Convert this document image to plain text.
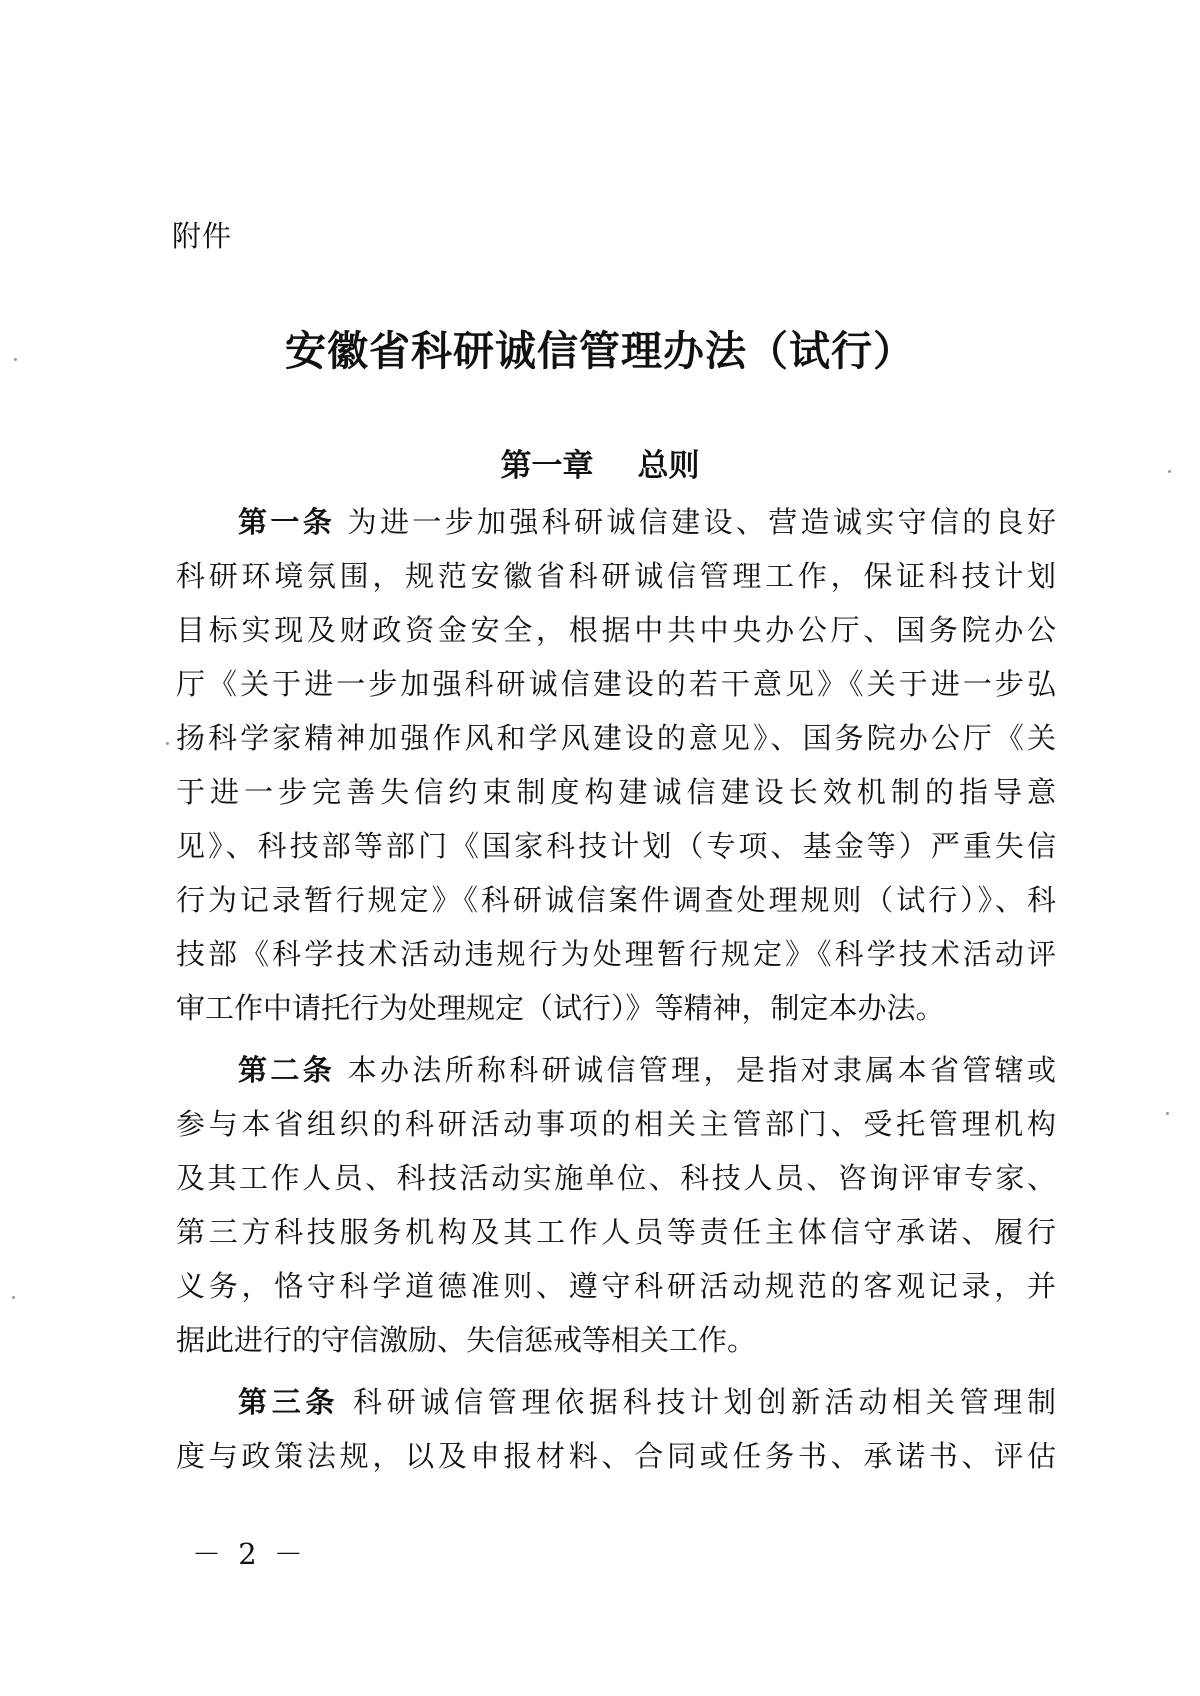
附件
安徽省科研诚信管理办法（试行）
第一章 总则
第一条 为进一步加强科研诚信建设、营造诚实守信的良好
科研环境氛围，规范安徽省科研诚信管理工作，保证科技计划
目标实现及财政资金安全，根据中共中央办公厅、国务院办公
厅《关于进一步加强科研诚信建设的若干意见》《关于进一步弘
扬科学家精神加强作风和学风建设的意见》、国务院办公厅《关
于进一步完善失信约束制度构建诚信建设长效机制的指导意
见》、科技部等部门《国家科技计划（专项、基金等）严重失信
行为记录暂行规定》《科研诚信案件调查处理规则（试行）》、科
技部《科学技术活动违规行为处理暂行规定》《科学技术活动评
审工作中请托行为处理规定（试行）》等精神，制定本办法。
第二条 本办法所称科研诚信管理，是指对隶属本省管辖或
参与本省组织的科研活动事项的相关主管部门、受托管理机构
及其工作人员、科技活动实施单位、科技人员、咨询评审专家、
第三方科技服务机构及其工作人员等责任主体信守承诺、履行
义务，恪守科学道德准则、遵守科研活动规范的客观记录，并
据此进行的守信激励、失信惩戒等相关工作。
第三条 科研诚信管理依据科技计划创新活动相关管理制
度与政策法规，以及申报材料、合同或任务书、承诺书、评估
－ 2 －
